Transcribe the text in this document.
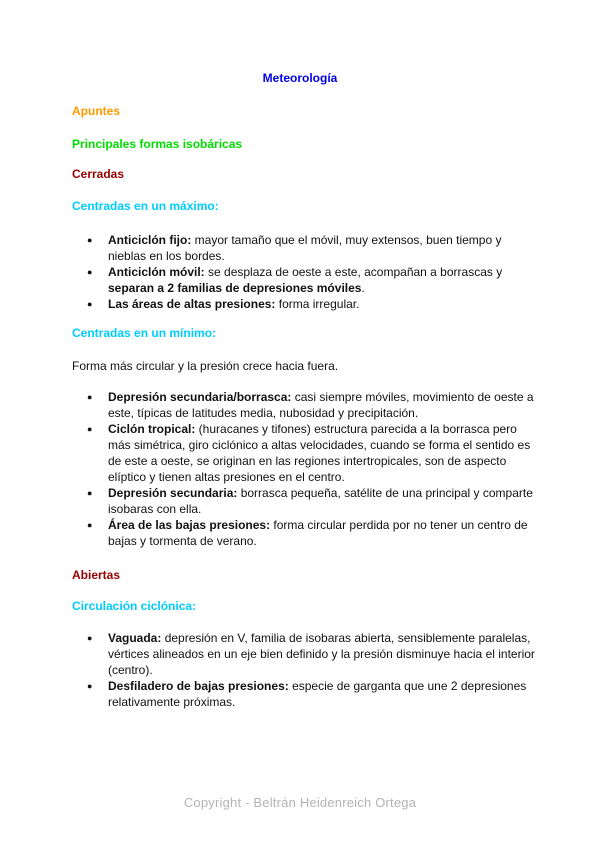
Meteorología
Apuntes
Principales formas isobáricas
Cerradas
Centradas en un máximo:
● Anticiclón fijo: mayor tamaño que el móvil, muy extensos, buen tiempo y nieblas en los bordes.
● Anticiclón móvil: se desplaza de oeste a este, acompañan a borrascas y separan a 2 familias de depresiones móviles.
● Las áreas de altas presiones: forma irregular.
Centradas en un mínimo:
Forma más circular y la presión crece hacia fuera.
● Depresión secundaria/borrasca: casi siempre móviles, movimiento de oeste a este, típicas de latitudes media, nubosidad y precipitación.
● Ciclón tropical: (huracanes y tifones) estructura parecida a la borrasca pero más simétrica, giro ciclónico a altas velocidades, cuando se forma el sentido es de este a oeste, se originan en las regiones intertropicales, son de aspecto elíptico y tienen altas presiones en el centro.
● Depresión secundaria: borrasca pequeña, satélite de una principal y comparte isobaras con ella.
● Área de las bajas presiones: forma circular perdida por no tener un centro de bajas y tormenta de verano.
Abiertas
Circulación ciclónica:
● Vaguada: depresión en V, familia de isobaras abierta, sensiblemente paralelas, vértices alineados en un eje bien definido y la presión disminuye hacia el interior (centro).
● Desfiladero de bajas presiones: especie de garganta que une 2 depresiones relativamente próximas.
Copyright - Beltrán Heidenreich Ortega
